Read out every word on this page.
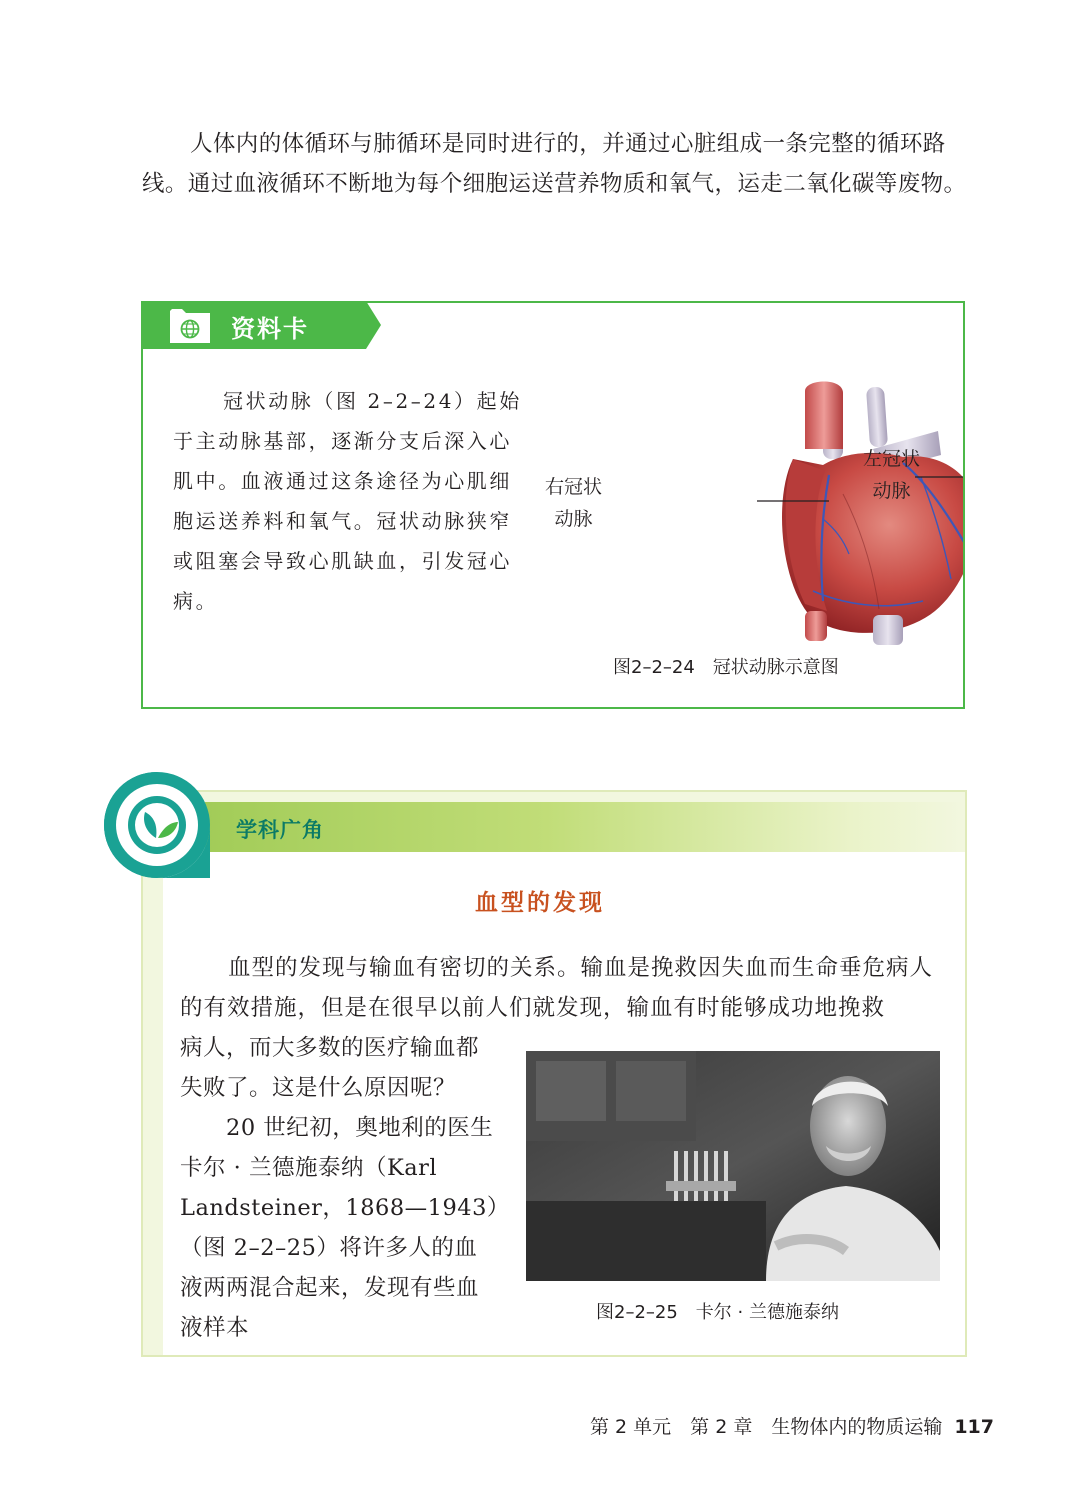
人体内的体循环与肺循环是同时进行的，并通过心脏组成一条完整的循环路线。通过血液循环不断地为每个细胞运送营养物质和氧气，运走二氧化碳等废物。

资料卡

冠状动脉（图 2–2–24）起始于主动脉基部，逐渐分支后深入心肌中。血液通过这条途径为心肌细胞运送养料和氧气。冠状动脉狭窄或阻塞会导致心肌缺血，引发冠心病。

右冠状
动脉
左冠状
动脉
图2–2–24　冠状动脉示意图
学科广角
血型的发现

血型的发现与输血有密切的关系。输血是挽救因失血而生命垂危病人的有效措施，但是在很早以前人们就发现，输血有时能够成功地挽救

病人，而大多数的医疗输血都失败了。这是什么原因呢？

　　20 世纪初，奥地利的医生卡尔 · 兰德施泰纳（Karl Landsteiner，1868—1943）（图 2–2–25）将许多人的血液两两混合起来，发现有些血液样本

图2–2–25　卡尔 · 兰德施泰纳
第 2 单元　第 2 章　生物体内的物质运输 117
